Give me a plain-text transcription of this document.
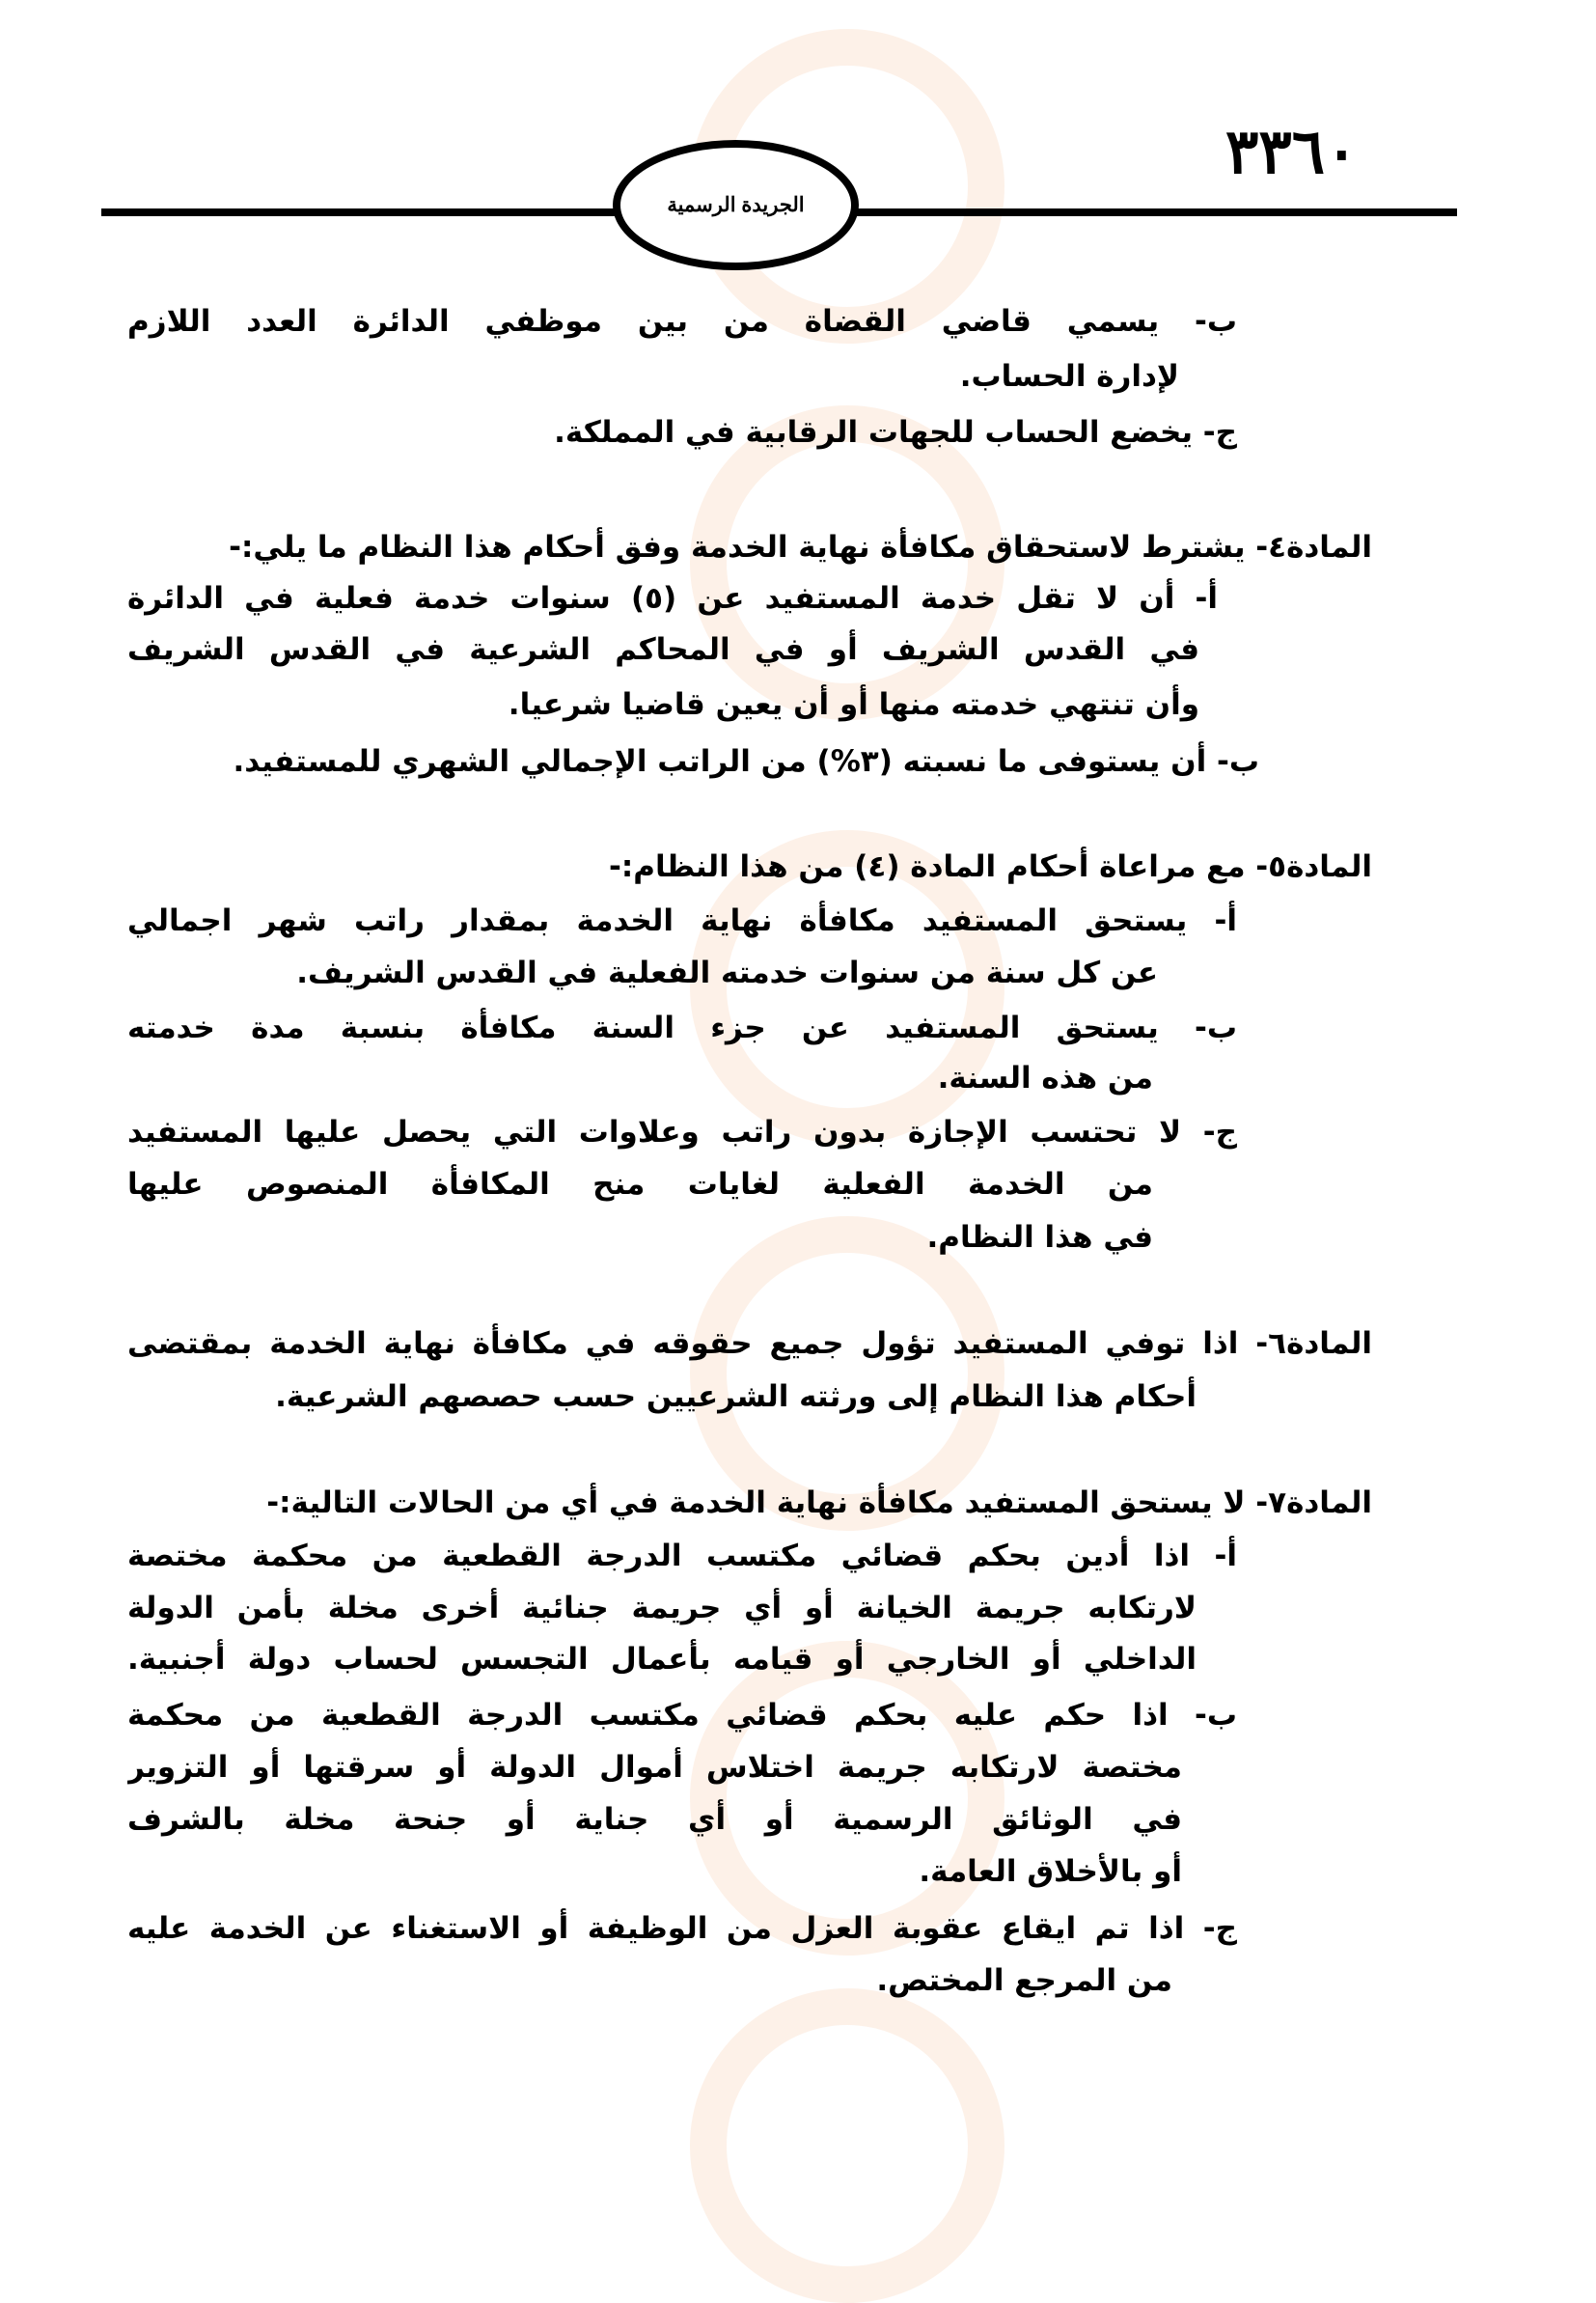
٣٣٦٠
الجريدة الرسمية
ب- يسمي قاضي القضاة من بين موظفي الدائرة العدد اللازم
لإدارة الحساب.
ج- يخضع الحساب للجهات الرقابية في المملكة.
المادة٤- يشترط لاستحقاق مكافأة نهاية الخدمة وفق أحكام هذا النظام ما يلي:-
أ- أن لا تقل خدمة المستفيد عن (٥) سنوات خدمة فعلية في الدائرة
في القدس الشريف أو في المحاكم الشرعية في القدس الشريف
وأن تنتهي خدمته منها أو أن يعين قاضيا شرعيا.
ب- أن يستوفى ما نسبته (٣%) من الراتب الإجمالي الشهري للمستفيد.
المادة٥- مع مراعاة أحكام المادة (٤) من هذا النظام:-
أ- يستحق المستفيد مكافأة نهاية الخدمة بمقدار راتب شهر اجمالي
عن كل سنة من سنوات خدمته الفعلية في القدس الشريف.
ب- يستحق المستفيد عن جزء السنة مكافأة بنسبة مدة خدمته
من هذه السنة.
ج- لا تحتسب الإجازة بدون راتب وعلاوات التي يحصل عليها المستفيد
من الخدمة الفعلية لغايات منح المكافأة المنصوص عليها
في هذا النظام.
المادة٦- اذا توفي المستفيد تؤول جميع حقوقه في مكافأة نهاية الخدمة بمقتضى
أحكام هذا النظام إلى ورثته الشرعيين حسب حصصهم الشرعية.
المادة٧- لا يستحق المستفيد مكافأة نهاية الخدمة في أي من الحالات التالية:-
أ- اذا أدين بحكم قضائي مكتسب الدرجة القطعية من محكمة مختصة
لارتكابه جريمة الخيانة أو أي جريمة جنائية أخرى مخلة بأمن الدولة
الداخلي أو الخارجي أو قيامه بأعمال التجسس لحساب دولة أجنبية.
ب- اذا حكم عليه بحكم قضائي مكتسب الدرجة القطعية من محكمة
مختصة لارتكابه جريمة اختلاس أموال الدولة أو سرقتها أو التزوير
في الوثائق الرسمية أو أي جناية أو جنحة مخلة بالشرف
أو بالأخلاق العامة.
ج- اذا تم ايقاع عقوبة العزل من الوظيفة أو الاستغناء عن الخدمة عليه
من المرجع المختص.
